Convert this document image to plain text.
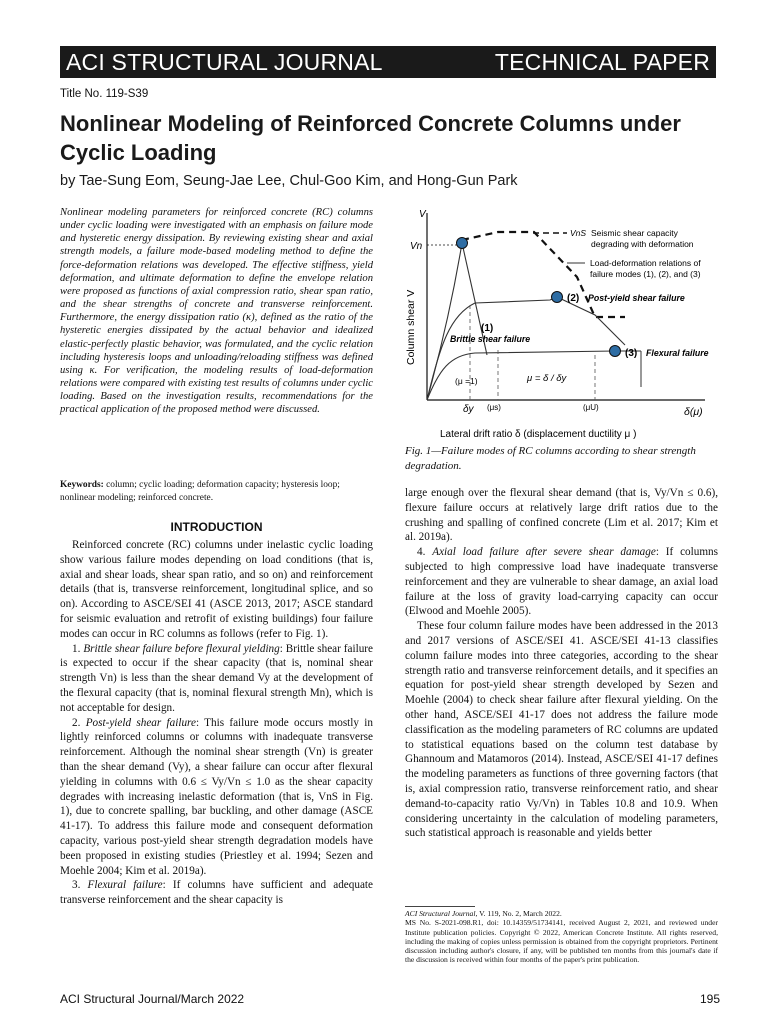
ACI STRUCTURAL JOURNAL	TECHNICAL PAPER
Title No. 119-S39
Nonlinear Modeling of Reinforced Concrete Columns under Cyclic Loading
by Tae-Sung Eom, Seung-Jae Lee, Chul-Goo Kim, and Hong-Gun Park

Nonlinear modeling parameters for reinforced concrete (RC) columns under cyclic loading were investigated with an emphasis on failure mode and hysteretic energy dissipation. By reviewing existing shear and axial strength models, a failure mode-based modeling method to define the force-deformation relations was developed. The effective stiffness, yield deformation, and ultimate deformation to define the envelope relation were proposed as functions of axial compression ratio, shear span ratio, and the shear strengths of concrete and transverse reinforcement. Furthermore, the energy dissipation ratio (κ), defined as the ratio of the hysteretic energies dissipated by the actual behavior and idealized elastic-perfectly plastic behavior, was formulated, and the cyclic relation including hysteresis loops and unloading/reloading stiffness was defined using κ. For verification, the modeling results of load-deformation relations were compared with existing test results of columns under cyclic loading. Based on the investigation results, recommendations for the practical application of the proposed method were discussed.

Keywords: column; cyclic loading; deformation capacity; hysteresis loop; nonlinear modeling; reinforced concrete.

INTRODUCTION

Reinforced concrete (RC) columns under inelastic cyclic loading show various failure modes depending on load conditions (that is, axial and shear loads, shear span ratio, and so on) and reinforcement details (that is, transverse reinforcement, longitudinal splice, and so on). According to ASCE/SEI 41 (ASCE 2013, 2017; ASCE standard for seismic evaluation and retrofit of existing buildings) four failure modes can occur in RC columns as follows (refer to Fig. 1).

1. Brittle shear failure before flexural yielding: Brittle shear failure is expected to occur if the shear capacity (that is, nominal shear strength Vn) is less than the shear demand Vy at the development of the flexural capacity (that is, nominal flexural strength Mn), which is not acceptable for design.

2. Post-yield shear failure: This failure mode occurs mostly in lightly reinforced columns or columns with inadequate transverse reinforcement. Although the nominal shear strength (Vn) is greater than the shear demand (Vy), a shear failure can occur after flexural yielding in columns with 0.6 ≤ Vy/Vn ≤ 1.0 as the shear capacity degrades with increasing inelastic deformation (that is, VnS in Fig. 1), due to concrete spalling, bar buckling, and other damage (ASCE 41-17). To address this failure mode and consequent deformation capacity, various post-yield shear strength degradation models have been proposed in existing studies (Priestley et al. 1994; Sezen and Moehle 2004; Kim et al. 2019a).

3. Flexural failure: If columns have sufficient and adequate transverse reinforcement and the shear capacity is

V
Vn
Column shear V
δ(μ)
Lateral drift ratio δ (displacement ductility μ )
δy (μs)	(μU)
(μ =1)	μ = δ / δy
VnS Seismic shear capacity
degrading with deformation
Load-deformation relations of
failure modes (1), (2), and (3)
(1)
Brittle shear failure
(2) Post-yield shear failure
(3) Flexural failure

Fig. 1—Failure modes of RC columns according to shear strength degradation.

large enough over the flexural shear demand (that is, Vy/Vn ≤ 0.6), flexure failure occurs at relatively large drift ratios due to the crushing and spalling of confined concrete (Lim et al. 2017; Kim et al. 2019a).

4. Axial load failure after severe shear damage: If columns subjected to high compressive load have inadequate transverse reinforcement and they are vulnerable to shear damage, an axial load failure at the loss of gravity load-carrying capacity can occur (Elwood and Moehle 2005).

These four column failure modes have been addressed in the 2013 and 2017 versions of ASCE/SEI 41. ASCE/SEI 41-13 classifies column failure modes into three categories, according to the shear strength ratio and transverse reinforcement details, and it specifies an equation for post-yield shear strength developed by Sezen and Moehle (2004) to check shear failure after flexural yielding. On the other hand, ASCE/SEI 41-17 does not address the failure mode classification as the modeling parameters of RC columns are updated to statistical equations based on the column test database by Ghannoum and Matamoros (2014). Instead, ASCE/SEI 41-17 defines the modeling parameters as functions of three governing factors (that is, axial compression ratio, transverse reinforcement ratio, and shear demand-to-capacity ratio Vy/Vn) in Tables 10.8 and 10.9. When considering uncertainty in the calculation of modeling parameters, such statistical approach is reasonable and yields better

ACI Structural Journal, V. 119, No. 2, March 2022.
MS No. S-2021-098.R1, doi: 10.14359/51734141, received August 2, 2021, and reviewed under Institute publication policies. Copyright © 2022, American Concrete Institute. All rights reserved, including the making of copies unless permission is obtained from the copyright proprietors. Pertinent discussion including author's closure, if any, will be published ten months from this journal's date if the discussion is received within four months of the paper's print publication.

ACI Structural Journal/March 2022	195
